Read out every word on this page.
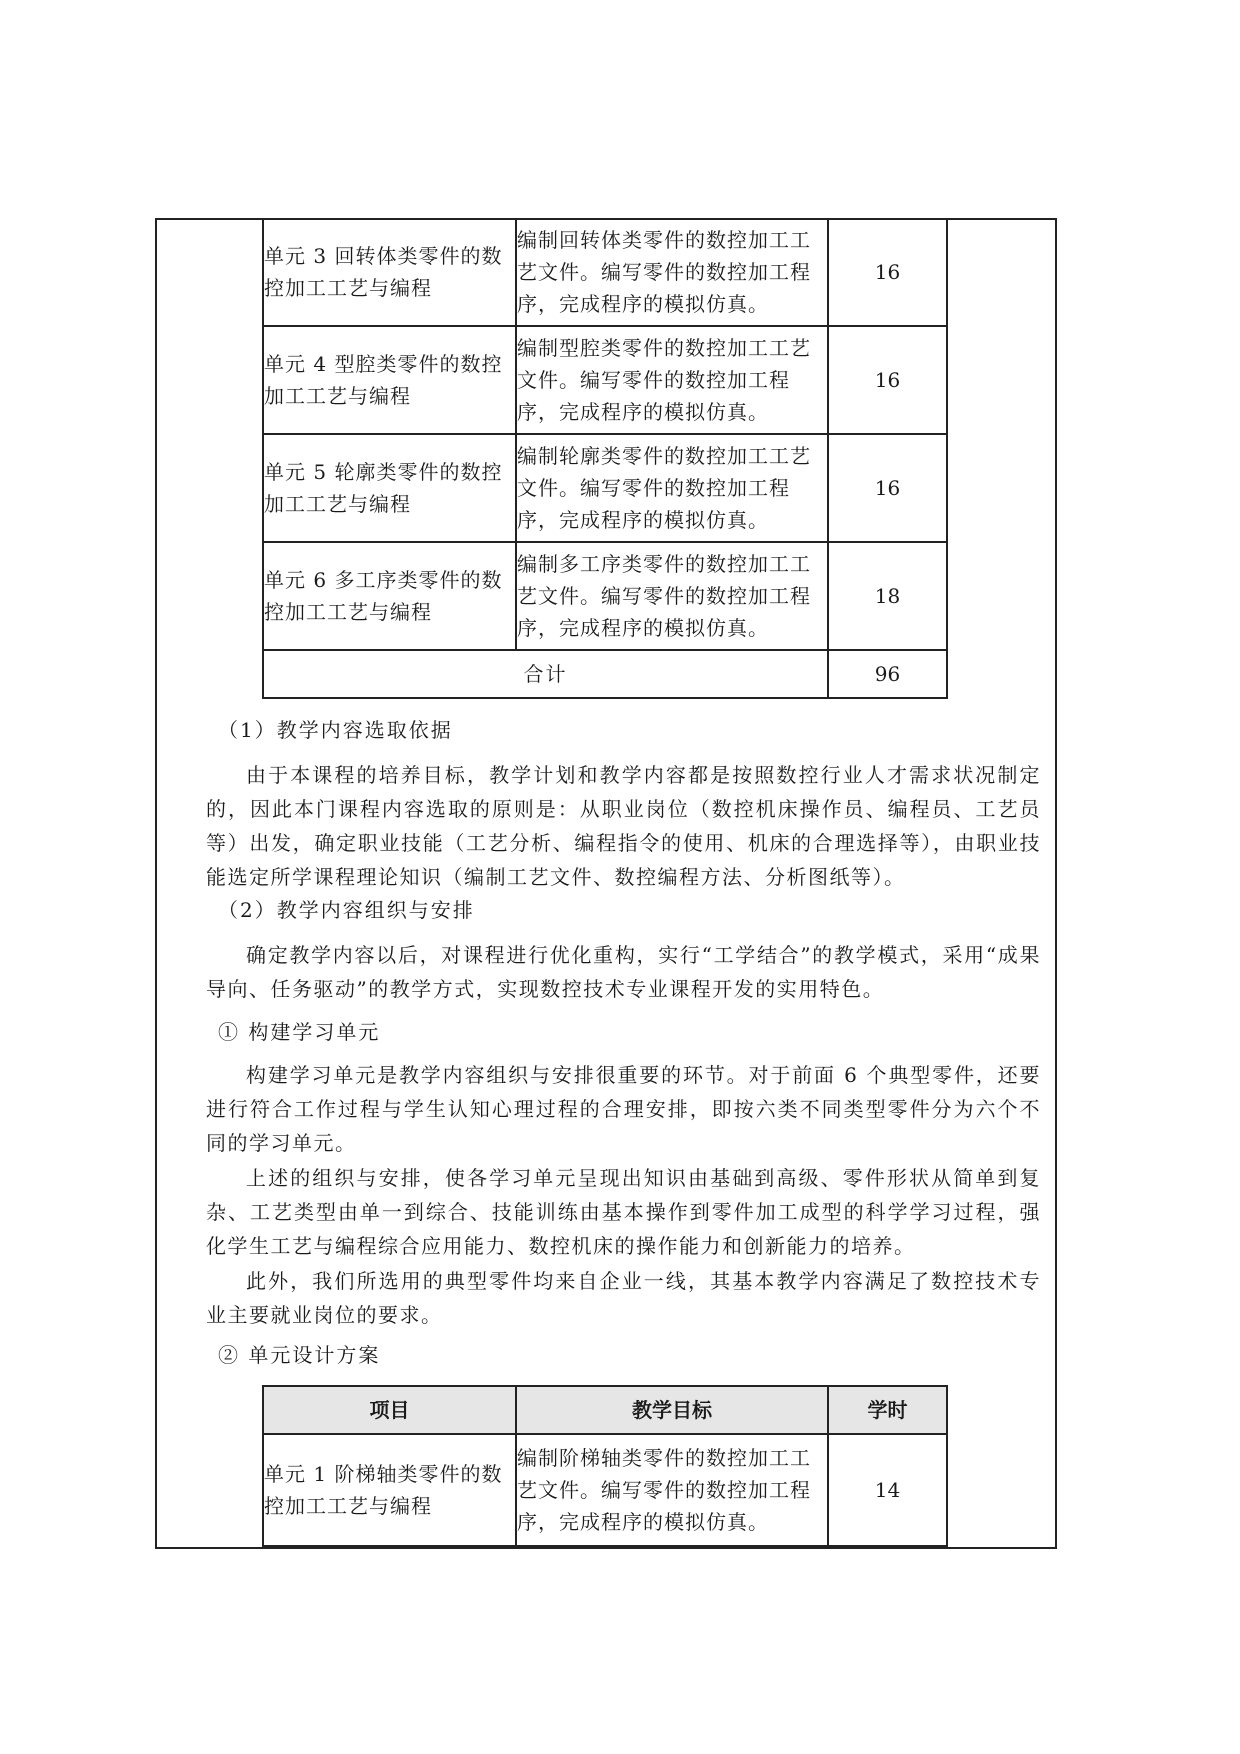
单元 3 回转体类零件的数控加工工艺与编程	编制回转体类零件的数控加工工艺文件。编写零件的数控加工程序，完成程序的模拟仿真。	16
单元 4 型腔类零件的数控加工工艺与编程	编制型腔类零件的数控加工工艺文件。编写零件的数控加工程序，完成程序的模拟仿真。	16
单元 5 轮廓类零件的数控加工工艺与编程	编制轮廓类零件的数控加工工艺文件。编写零件的数控加工程序，完成程序的模拟仿真。	16
单元 6 多工序类零件的数控加工工艺与编程	编制多工序类零件的数控加工工艺文件。编写零件的数控加工程序，完成程序的模拟仿真。	18
合计		96

（1）教学内容选取依据

由于本课程的培养目标，教学计划和教学内容都是按照数控行业人才需求状况制定的，因此本门课程内容选取的原则是：从职业岗位（数控机床操作员、编程员、工艺员等）出发，确定职业技能（工艺分析、编程指令的使用、机床的合理选择等），由职业技能选定所学课程理论知识（编制工艺文件、数控编程方法、分析图纸等）。

（2）教学内容组织与安排

确定教学内容以后，对课程进行优化重构，实行“工学结合”的教学模式，采用“成果导向、任务驱动”的教学方式，实现数控技术专业课程开发的实用特色。

① 构建学习单元

构建学习单元是教学内容组织与安排很重要的环节。对于前面 6 个典型零件，还要进行符合工作过程与学生认知心理过程的合理安排，即按六类不同类型零件分为六个不同的学习单元。

上述的组织与安排，使各学习单元呈现出知识由基础到高级、零件形状从简单到复杂、工艺类型由单一到综合、技能训练由基本操作到零件加工成型的科学学习过程，强化学生工艺与编程综合应用能力、数控机床的操作能力和创新能力的培养。

此外，我们所选用的典型零件均来自企业一线，其基本教学内容满足了数控技术专业主要就业岗位的要求。

② 单元设计方案

项目	教学目标	学时
单元 1 阶梯轴类零件的数控加工工艺与编程	编制阶梯轴类零件的数控加工工艺文件。编写零件的数控加工程序，完成程序的模拟仿真。	14
